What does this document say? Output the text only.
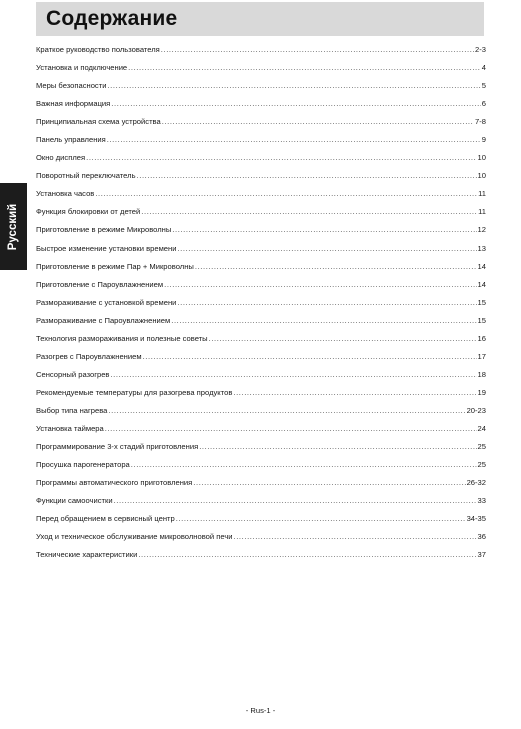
Содержание
Русский
Краткое руководство пользователя .....	2-3
Установка и подключение .....	4
Меры безопасности .....	5
Важная информация .....	6
Принципиальная схема устройства .....	7-8
Панель управления .....	9
Окно дисплея .....	10
Поворотный переключатель .....	10
Установка часов .....	11
Функция блокировки от детей .....	11
Приготовление в режиме Микроволны .....	12
Быстрое изменение установки времени .....	13
Приготовление в режиме Пар + Микроволны .....	14
Приготовление с Пароувлажнением .....	14
Размораживание с установкой времени .....	15
Размораживание с Пароувлажнением .....	15
Технология размораживания и полезные советы .....	16
Разогрев с Пароувлажнением .....	17
Сенсорный разогрев .....	18
Рекомендуемые температуры для разогрева продуктов .....	19
Выбор типа нагрева .....	20-23
Установка таймера .....	24
Программирование 3-х стадий приготовления .....	25
Просушка парогенератора .....	25
Программы автоматического приготовления .....	26-32
Функции самоочистки .....	33
Перед обращением в сервисный центр .....	34-35
Уход и техническое обслуживание микроволновой печи .....	36
Технические характеристики .....	37
- Rus-1 -
